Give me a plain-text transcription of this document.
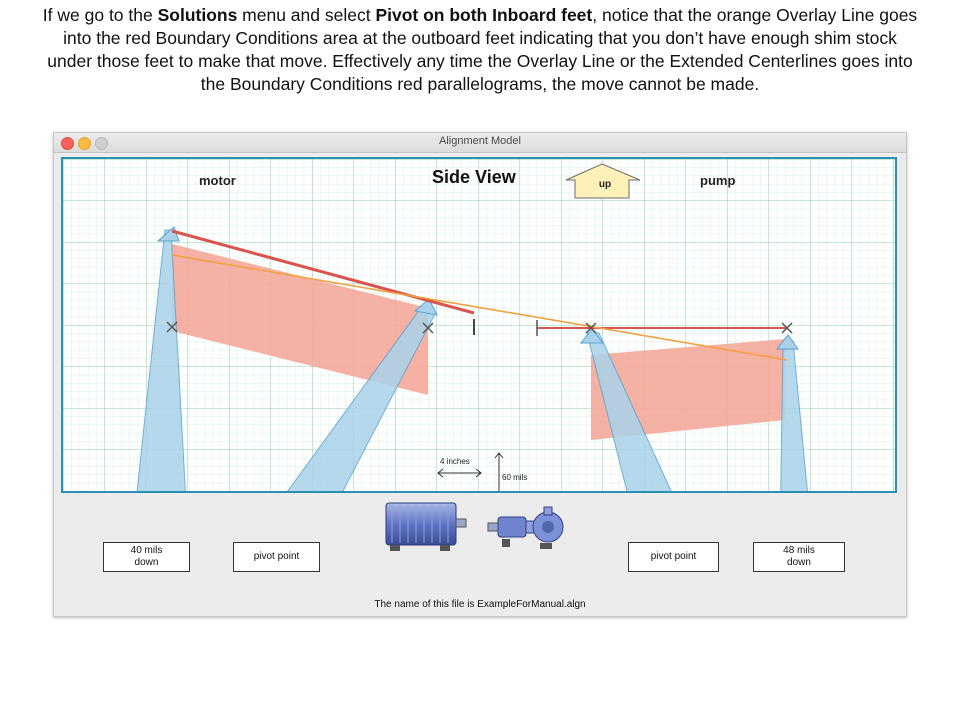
If we go to the Solutions menu and select Pivot on both Inboard feet, notice that the orange Overlay Line goes into the red Boundary Conditions area at the outboard feet indicating that you don’t have enough shim stock under those feet to make that move. Effectively any time the Overlay Line or the Extended Centerlines goes into the Boundary Conditions red parallelograms, the move cannot be made.
Alignment Model
motor	Side View	up	pump
4 inches
60 mils
40 mils
down
pivot point	pivot point
48 mils
down
The name of this file is ExampleForManual.algn
